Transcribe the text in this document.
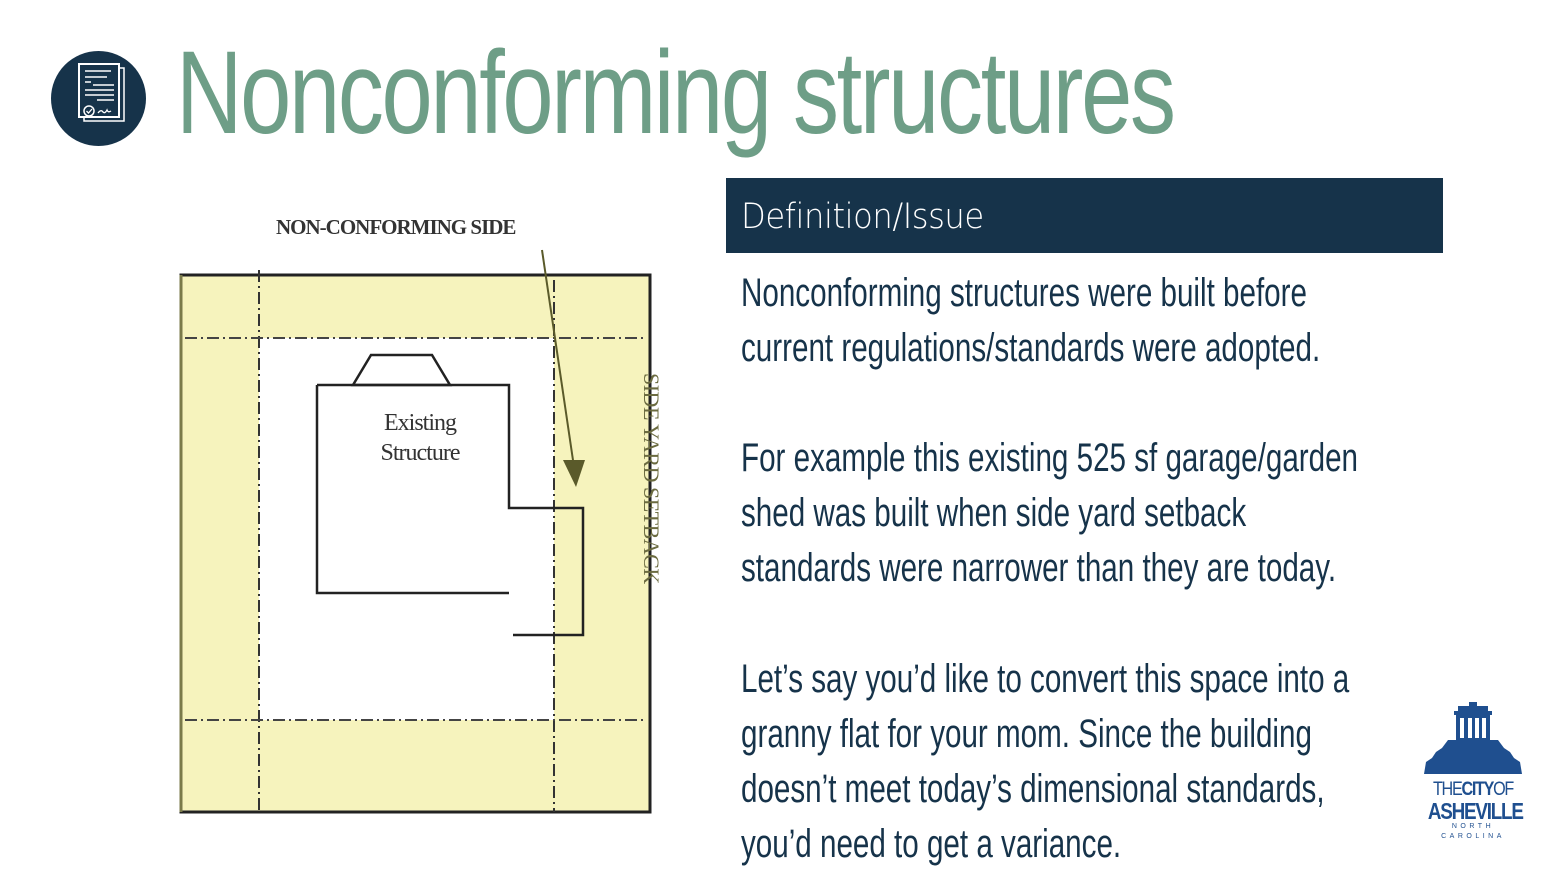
Nonconforming structures
NON-CONFORMING SIDE
Existing
Structure	SIDE YARD SETBACK
Definition/Issue
Nonconforming structures were built before
current regulations/standards were adopted.
For example this existing 525 sf garage/garden
shed was built when side yard setback
standards were narrower than they are today.
Let’s say you’d like to convert this space into a
granny flat for your mom. Since the building
doesn’t meet today’s dimensional standards,
you’d need to get a variance.
THECITYOF
ASHEVILLE
NORTH CAROLINA
